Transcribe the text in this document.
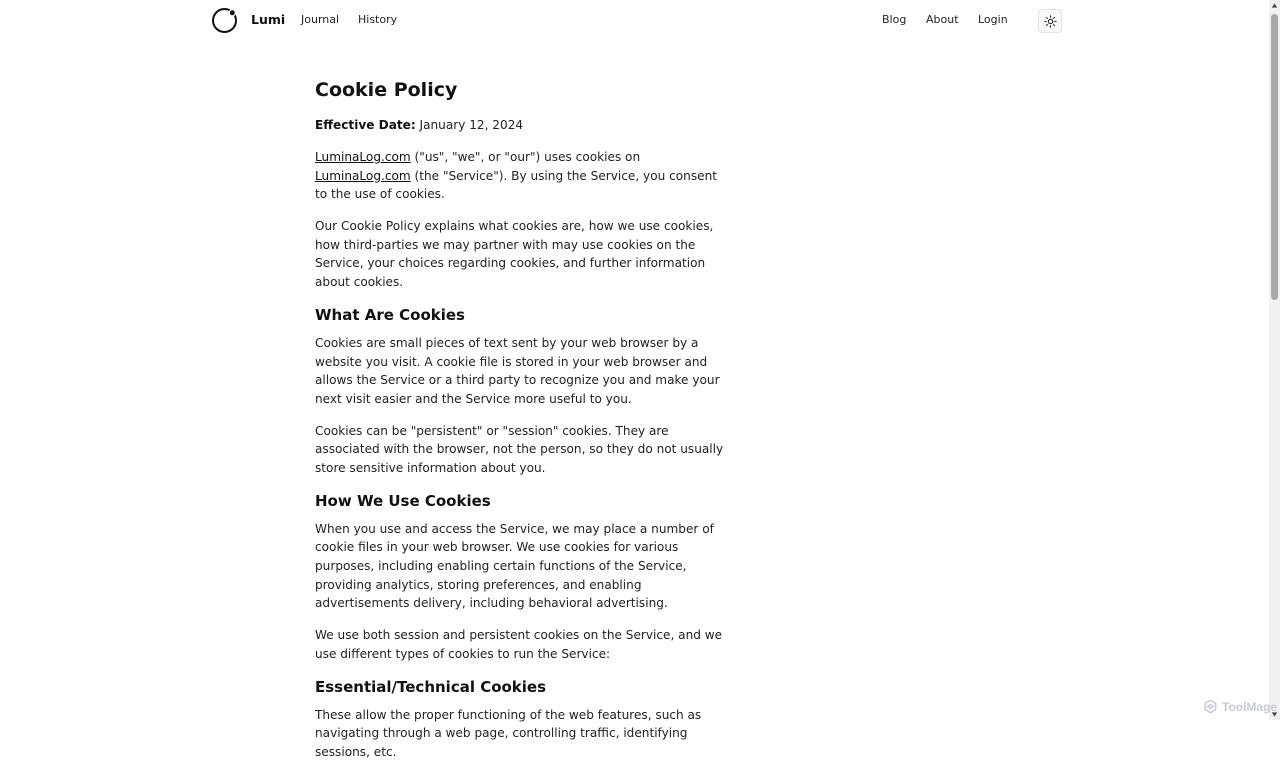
Lumi Journal History	Blog About Login
Cookie Policy

Effective Date: January 12, 2024

LuminaLog.com ("us", "we", or "our") uses cookies on LuminaLog.com (the "Service"). By using the Service, you consent to the use of cookies.

Our Cookie Policy explains what cookies are, how we use cookies, how third-parties we may partner with may use cookies on the Service, your choices regarding cookies, and further information about cookies.

What Are Cookies

Cookies are small pieces of text sent by your web browser by a website you visit. A cookie file is stored in your web browser and allows the Service or a third party to recognize you and make your next visit easier and the Service more useful to you.

Cookies can be "persistent" or "session" cookies. They are associated with the browser, not the person, so they do not usually store sensitive information about you.

How We Use Cookies

When you use and access the Service, we may place a number of cookie files in your web browser. We use cookies for various purposes, including enabling certain functions of the Service, providing analytics, storing preferences, and enabling advertisements delivery, including behavioral advertising.

We use both session and persistent cookies on the Service, and we use different types of cookies to run the Service:

Essential/Technical Cookies

These allow the proper functioning of the web features, such as navigating through a web page, controlling traffic, identifying sessions, etc.

ToolMage
